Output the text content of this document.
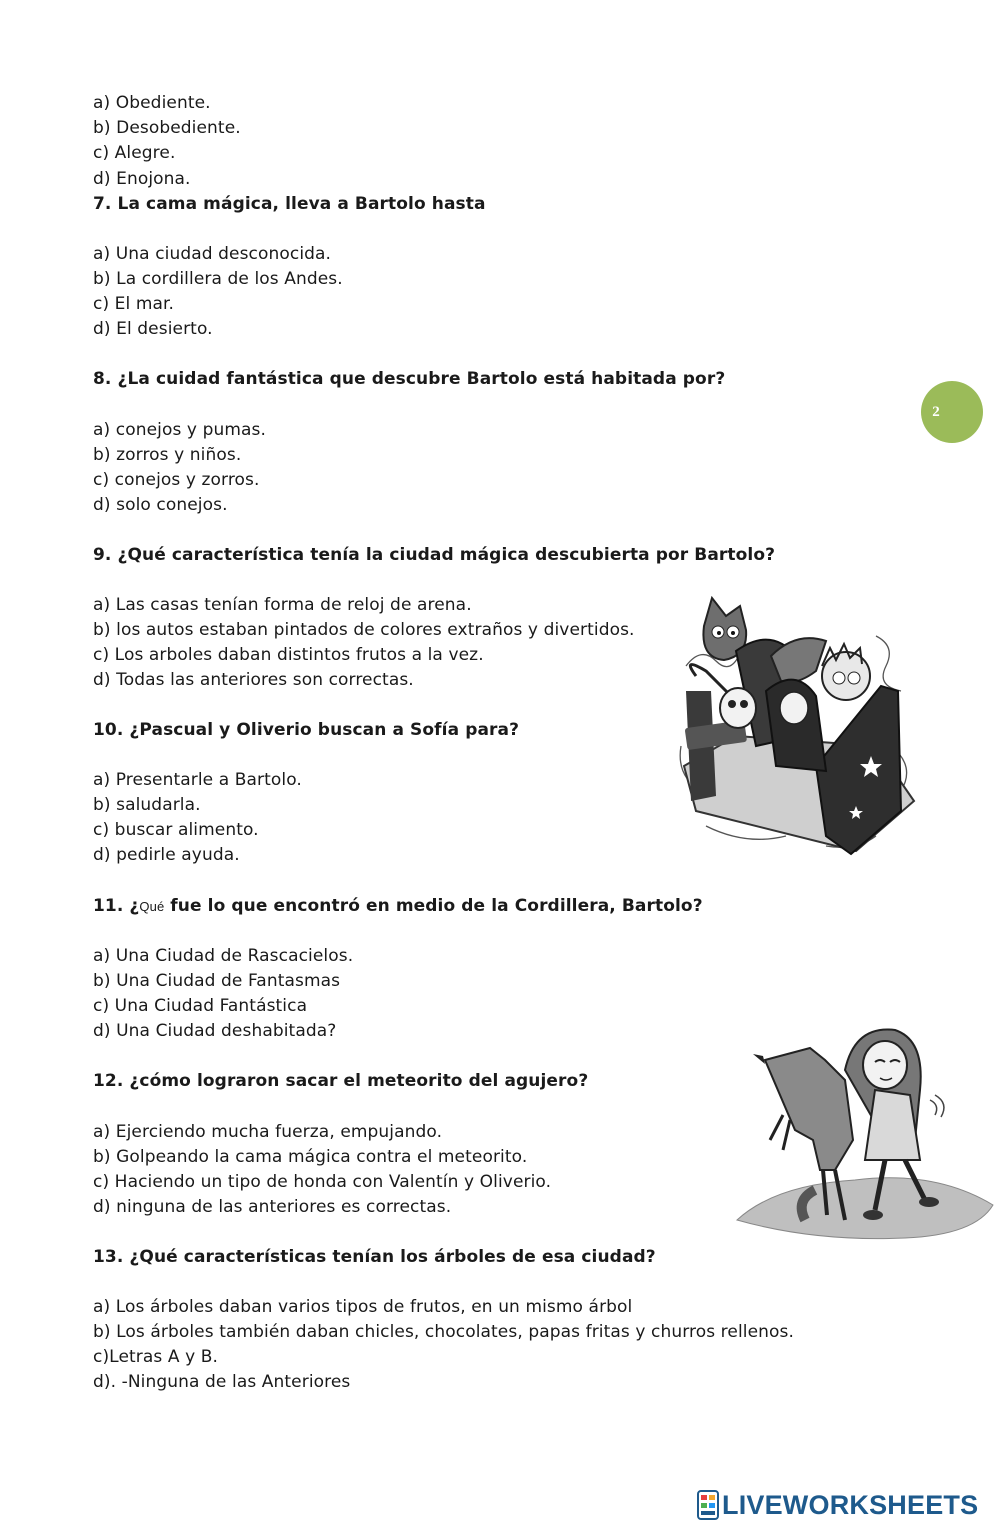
a) Obediente.
b) Desobediente.
c) Alegre.
d) Enojona.
7. La cama mágica, lleva a Bartolo hasta
a) Una ciudad desconocida.
b) La cordillera de los Andes.
c) El mar.
d) El desierto.
8. ¿La cuidad fantástica que descubre Bartolo está habitada por?
a) conejos y pumas.
b) zorros y niños.
c) conejos y zorros.
d) solo conejos.
9. ¿Qué característica tenía la ciudad mágica descubierta por Bartolo?
a) Las casas tenían forma de reloj de arena.
b) los autos estaban pintados de colores extraños y divertidos.
c) Los arboles daban distintos frutos a la vez.
d) Todas las anteriores son correctas.
10. ¿Pascual y Oliverio buscan a Sofía para?
a) Presentarle a Bartolo.
b) saludarla.
c) buscar alimento.
d) pedirle ayuda.
11. ¿Qué fue lo que encontró en medio de la Cordillera, Bartolo?
a) Una Ciudad de Rascacielos.
b) Una Ciudad de Fantasmas
c) Una Ciudad Fantástica
d) Una Ciudad deshabitada?
12. ¿cómo lograron sacar el meteorito del agujero?
a) Ejerciendo mucha fuerza, empujando.
b) Golpeando la cama mágica contra el meteorito.
c) Haciendo un tipo de honda con Valentín y Oliverio.
d) ninguna de las anteriores es correctas.
13. ¿Qué características tenían los árboles de esa ciudad?
a) Los árboles daban varios tipos de frutos, en un mismo árbol
b) Los árboles también daban chicles, chocolates, papas fritas y churros rellenos.
c)Letras A y B.
d). -Ninguna de las Anteriores
2
LIVEWORKSHEETS
